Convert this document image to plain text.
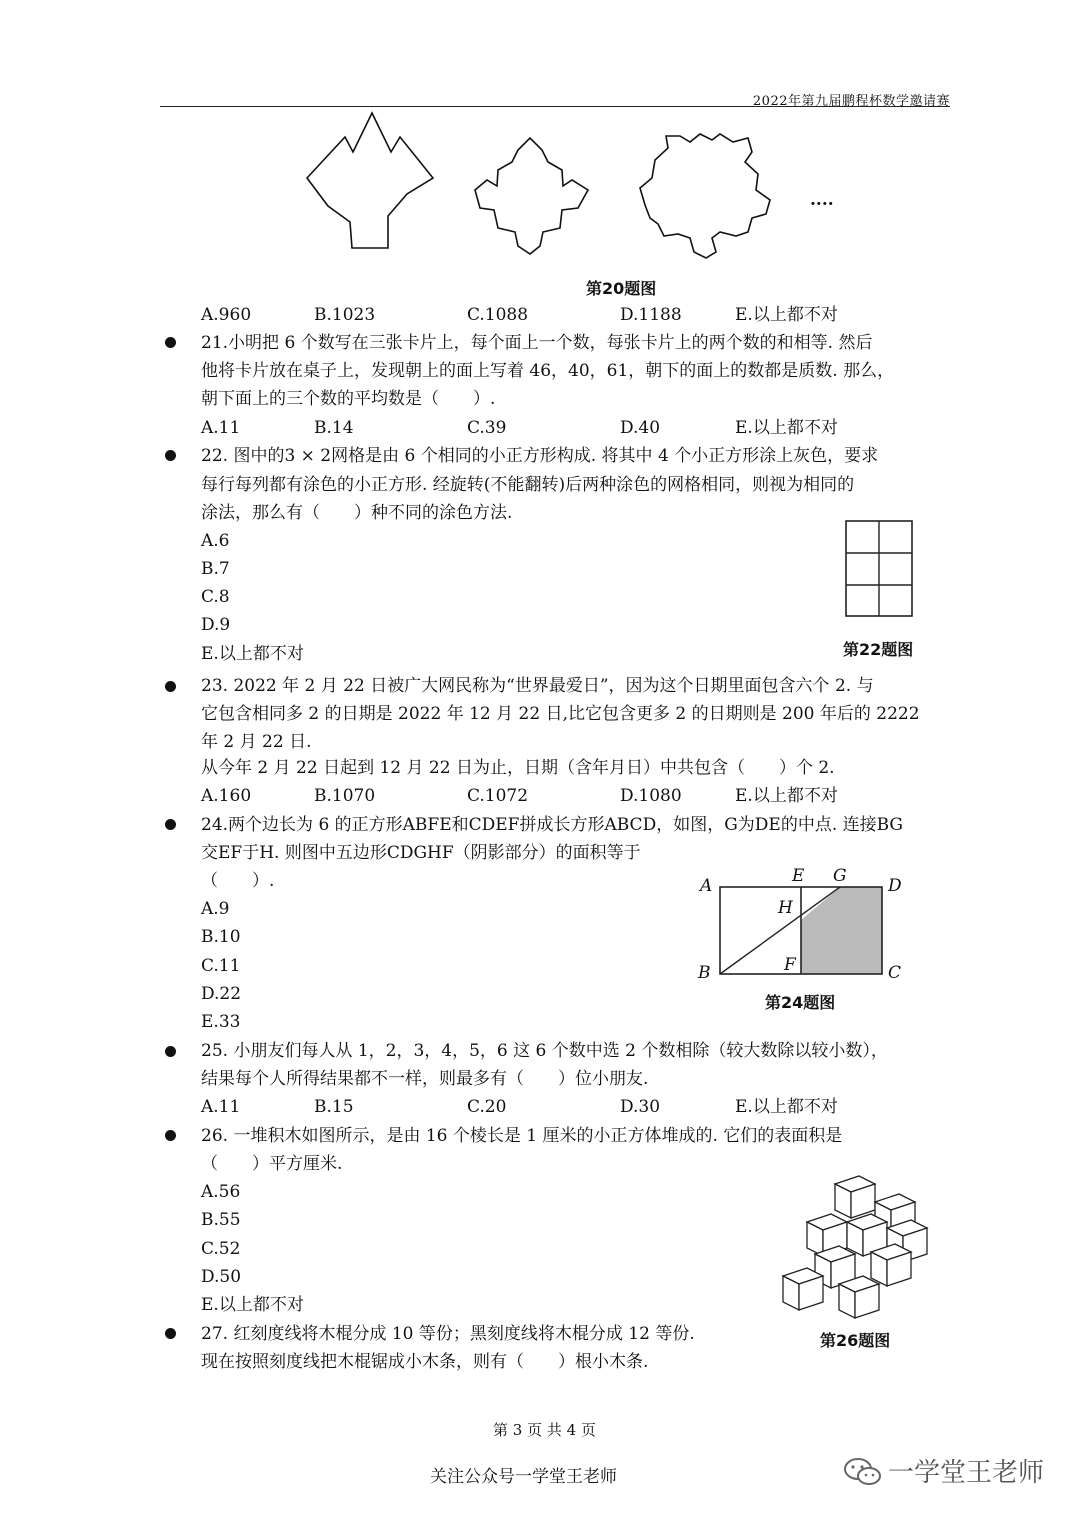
2022年第九届鹏程杯数学邀请赛
....
第20题图
A.960	B.1023	C.1088	D.1188	E.以上都不对
21.小明把 6 个数写在三张卡片上，每个面上一个数，每张卡片上的两个数的和相等. 然后
他将卡片放在桌子上，发现朝上的面上写着 46，40，61，朝下的面上的数都是质数. 那么，
朝下面上的三个数的平均数是（　　）.
A.11	B.14	C.39	D.40	E.以上都不对
22. 图中的3 × 2网格是由 6 个相同的小正方形构成. 将其中 4 个小正方形涂上灰色，要求
每行每列都有涂色的小正方形. 经旋转(不能翻转)后两种涂色的网格相同，则视为相同的
涂法，那么有（　　）种不同的涂色方法.
A.6
B.7
C.8
D.9
E.以上都不对	第22题图
23. 2022 年 2 月 22 日被广大网民称为“世界最爱日”，因为这个日期里面包含六个 2. 与
它包含相同多 2 的日期是 2022 年 12 月 22 日,比它包含更多 2 的日期则是 200 年后的 2222
年 2 月 22 日.
从今年 2 月 22 日起到 12 月 22 日为止，日期（含年月日）中共包含（　　）个 2.
A.160	B.1070	C.1072	D.1080	E.以上都不对
24.两个边长为 6 的正方形ABFE和CDEF拼成长方形ABCD，如图，G为DE的中点. 连接BG
交EF于H. 则图中五边形CDGHF（阴影部分）的面积等于
（　　）.
A.9
B.10
C.11
D.22
E.33
A	E G D
H
B	F	C
第24题图
25. 小朋友们每人从 1，2，3，4，5，6 这 6 个数中选 2 个数相除（较大数除以较小数），
结果每个人所得结果都不一样，则最多有（　　）位小朋友.
A.11	B.15	C.20	D.30	E.以上都不对
26. 一堆积木如图所示，是由 16 个棱长是 1 厘米的小正方体堆成的. 它们的表面积是
（　　）平方厘米.
A.56
B.55
C.52
D.50
E.以上都不对
第26题图
27. 红刻度线将木棍分成 10 等份；黑刻度线将木棍分成 12 等份.
现在按照刻度线把木棍锯成小木条，则有（　　）根小木条.
第 3 页 共 4 页
关注公众号一学堂王老师	一学堂王老师
